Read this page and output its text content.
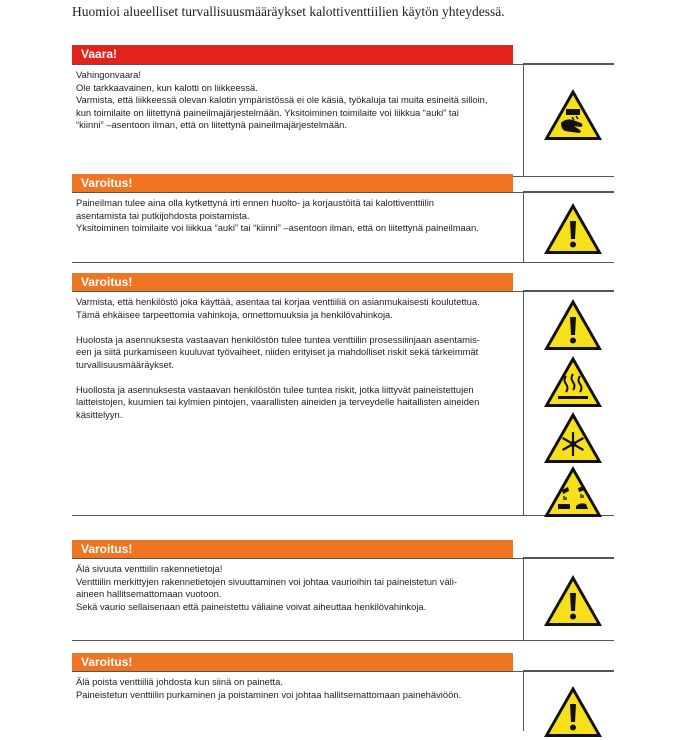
Huomioi alueelliset turvallisuusmääräykset kalottiventtiilien käytön yhteydessä.
Vaara!

Vahingonvaara!

Ole tarkkaavainen, kun kalotti on liikkeessä.

Varmista, että liikkeessä olevan kalotin ympäristössä ei ole käsiä, työkaluja tai muita esineitä silloin,

kun toimilaite on liitettynä paineilmajärjestelmään. Yksitoiminen toimilaite voi liikkua “auki” tai

“kiinni” –asentoon ilman, että on liitettynä paineilmajärjestelmään.

Varoitus!

Paineilman tulee aina olla kytkettynä irti ennen huolto- ja korjaustöitä tai kalottiventtiilin

asentamista tai putkijohdosta poistamista.

Yksitoiminen toimilaite voi liikkua “auki” tai “kiinni” –asentoon ilman, että on liitettynä paineilmaan.

Varoitus!

Varmista, että henkilöstö joka käyttää, asentaa tai korjaa venttiiliä on asianmukaisesti koulutettua.

Tämä ehkäisee tarpeettomia vahinkoja, onnettomuuksia ja henkilövahinkoja.

Huolosta ja asennuksesta vastaavan henkilöstön tulee tuntea venttiilin prosessilinjaan asentamis-

een ja siitä purkamiseen kuuluvat työvaiheet, niiden erityiset ja mahdolliset riskit sekä tärkeimmät

turvallisuusmääräykset.

Huollosta ja asennuksesta vastaavan henkilöstön tulee tuntea riskit, jotka liittyvät paineistettujen

laitteistojen, kuumien tai kylmien pintojen, vaarallisten aineiden ja terveydelle haitallisten aineiden

käsittelyyn.

Varoitus!

Älä sivuuta venttiilin rakennetietoja!

Venttiilin merkittyjen rakennetietojen sivuuttaminen voi johtaa vaurioihin tai paineistetun väli-

aineen hallitsemattomaan vuotoon.

Sekä vaurio sellaisenaan että paineistettu väliaine voivat aiheuttaa henkilövahinkoja.

Varoitus!

Älä poista venttiiliä johdosta kun siinä on painetta.

Paineistetun venttiilin purkaminen ja poistaminen voi johtaa hallitsemattomaan painehäviöön.
